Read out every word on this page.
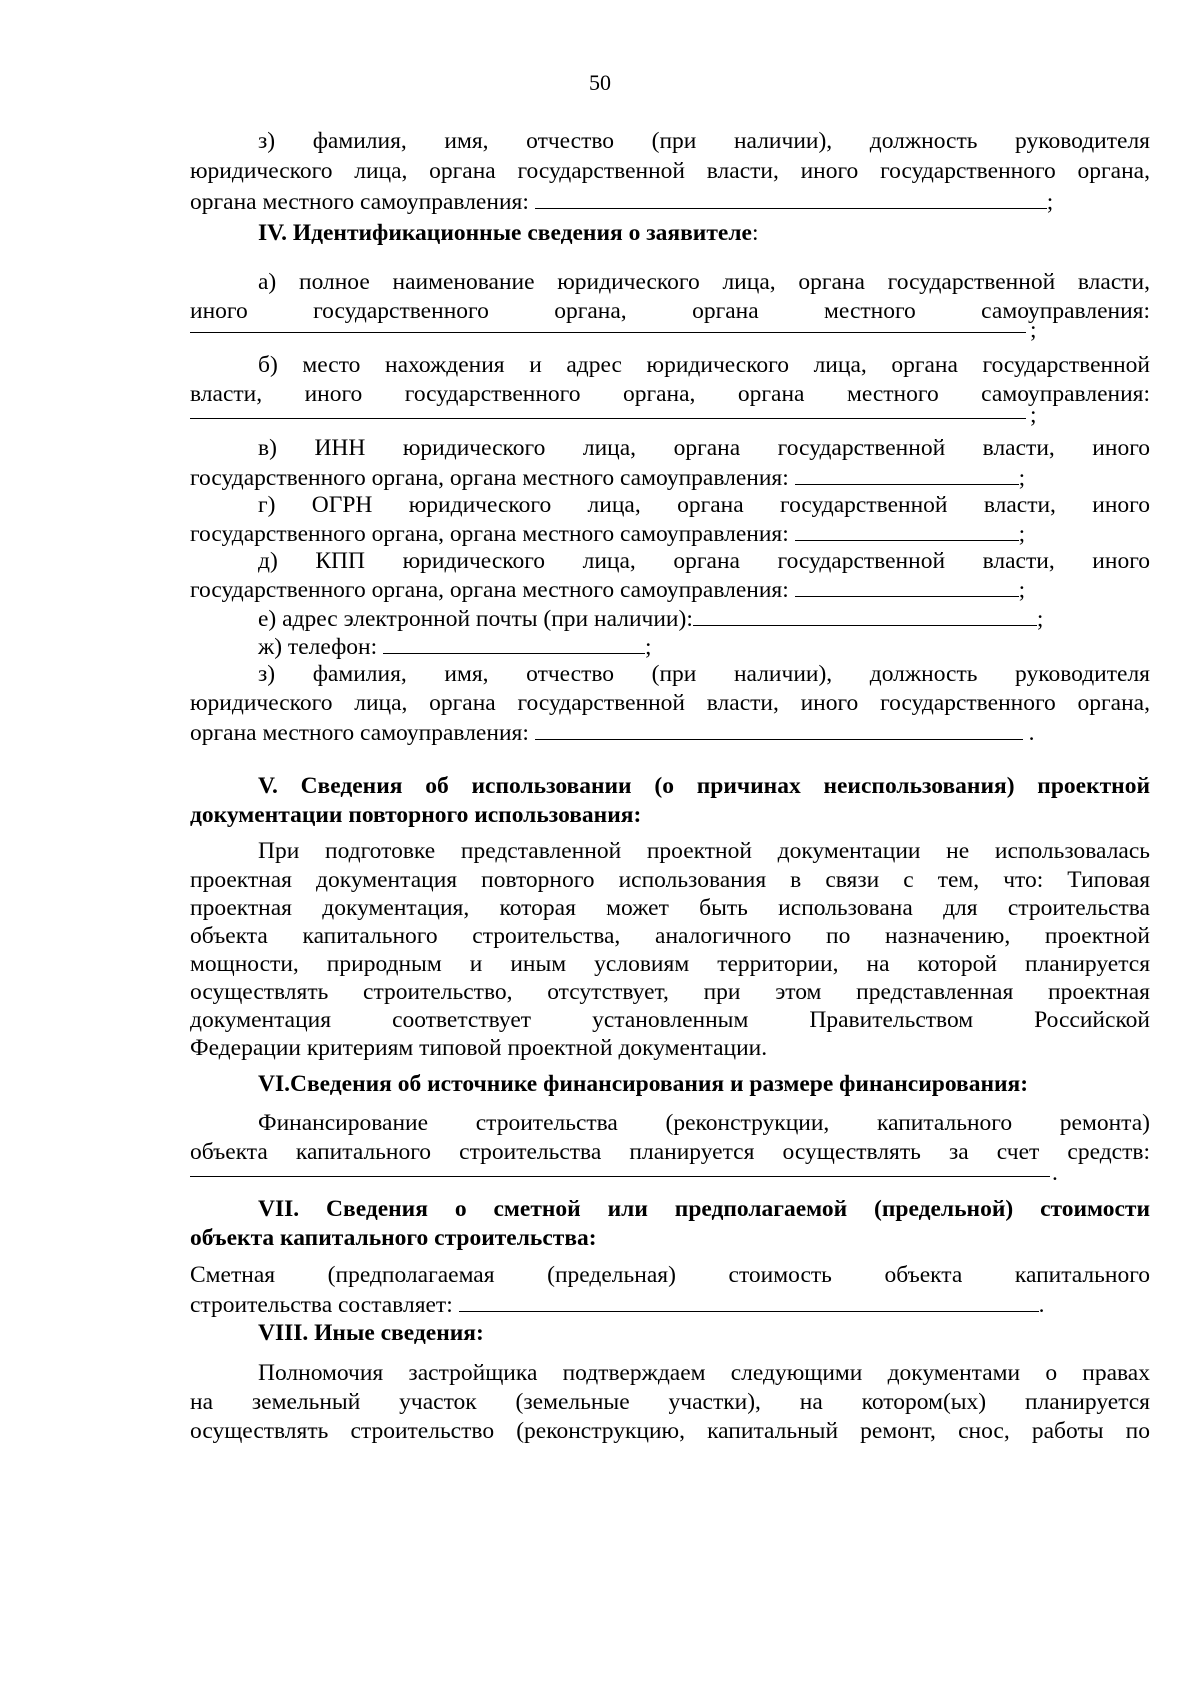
50
з) фамилия, имя, отчество (при наличии), должность руководителя
юридического лица, органа государственной власти, иного государственного органа,
органа местного самоуправления:	;
IV. Идентификационные сведения о заявителе:
а) полное наименование юридического лица, органа государственной власти,
иного государственного органа, органа местного самоуправления:
;
б) место нахождения и адрес юридического лица, органа государственной
власти, иного государственного органа, органа местного самоуправления:
;
в) ИНН юридического лица, органа государственной власти, иного
государственного органа, органа местного самоуправления:	;
г) ОГРН юридического лица, органа государственной власти, иного
государственного органа, органа местного самоуправления:	;
д) КПП юридического лица, органа государственной власти, иного
государственного органа, органа местного самоуправления:	;
е) адрес электронной почты (при наличии):	;
ж) телефон:	;
з) фамилия, имя, отчество (при наличии), должность руководителя
юридического лица, органа государственной власти, иного государственного органа,
органа местного самоуправления:	.
V. Сведения об использовании (о причинах неиспользования) проектной
документации повторного использования:
При подготовке представленной проектной документации не использовалась
проектная документация повторного использования в связи с тем, что: Типовая
проектная документация, которая может быть использована для строительства
объекта капитального строительства, аналогичного по назначению, проектной
мощности, природным и иным условиям территории, на которой планируется
осуществлять строительство, отсутствует, при этом представленная проектная
документация соответствует установленным Правительством Российской
Федерации критериям типовой проектной документации.
VI.Сведения об источнике финансирования и размере финансирования:
Финансирование строительства (реконструкции, капитального ремонта)
объекта капитального строительства планируется осуществлять за счет средств:
.
VII. Сведения о сметной или предполагаемой (предельной) стоимости
объекта капитального строительства:
Сметная (предполагаемая (предельная) стоимость объекта капитального
строительства составляет:	.
VIII. Иные сведения:
Полномочия застройщика подтверждаем следующими документами о правах
на земельный участок (земельные участки), на котором(ых) планируется
осуществлять строительство (реконструкцию, капитальный ремонт, снос, работы по
